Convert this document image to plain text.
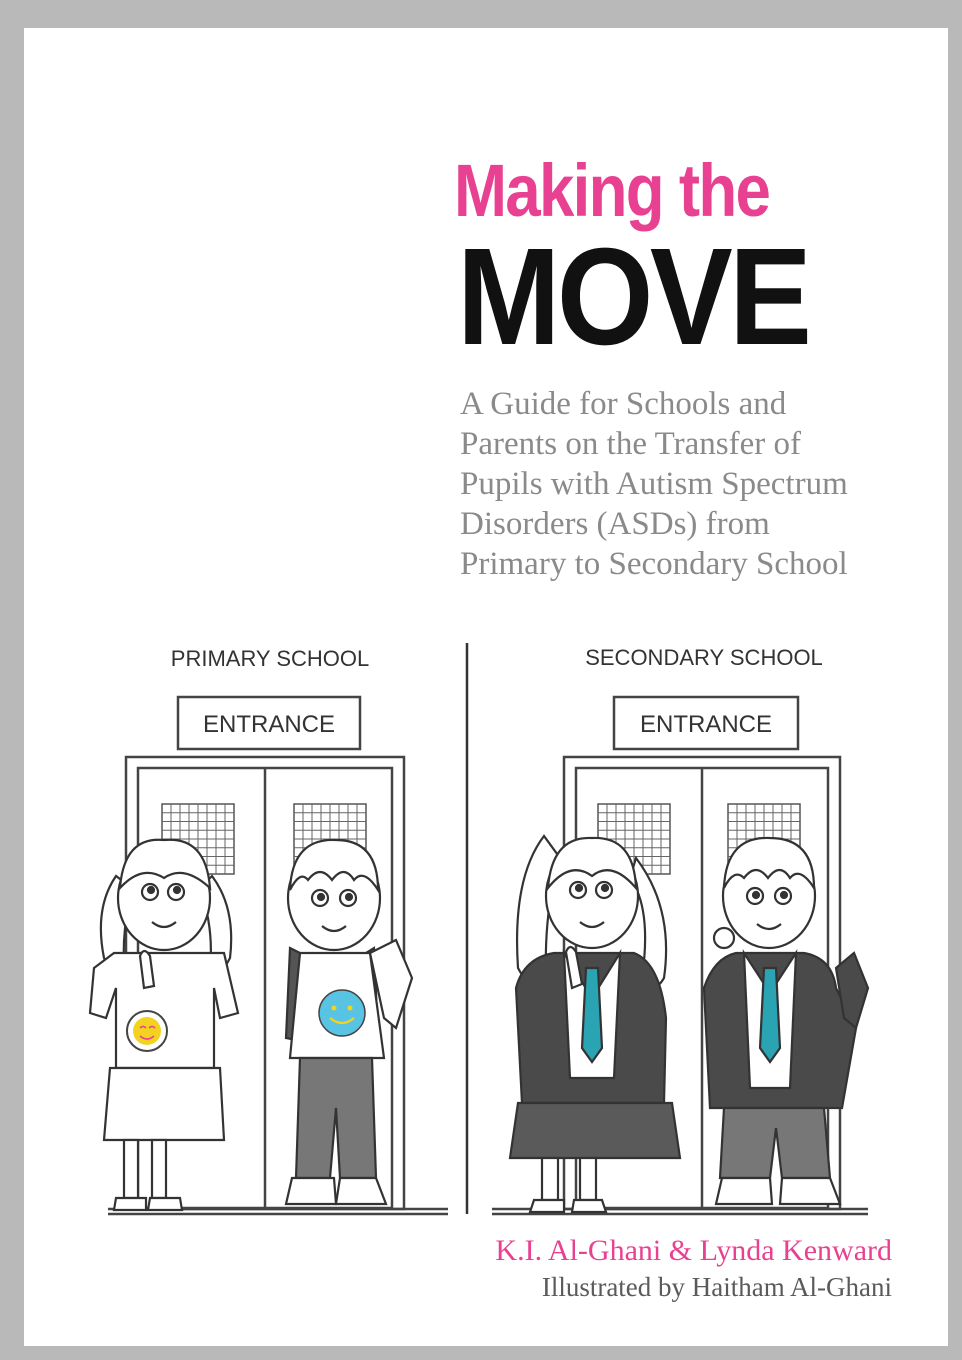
Making the
MOVE
A Guide for Schools and
Parents on the Transfer of
Pupils with Autism Spectrum
Disorders (ASDs) from
Primary to Secondary School
PRIMARY SCHOOL	SECONDARY SCHOOL
ENTRANCE	ENTRANCE
K.I. Al-Ghani & Lynda Kenward
Illustrated by Haitham Al-Ghani
